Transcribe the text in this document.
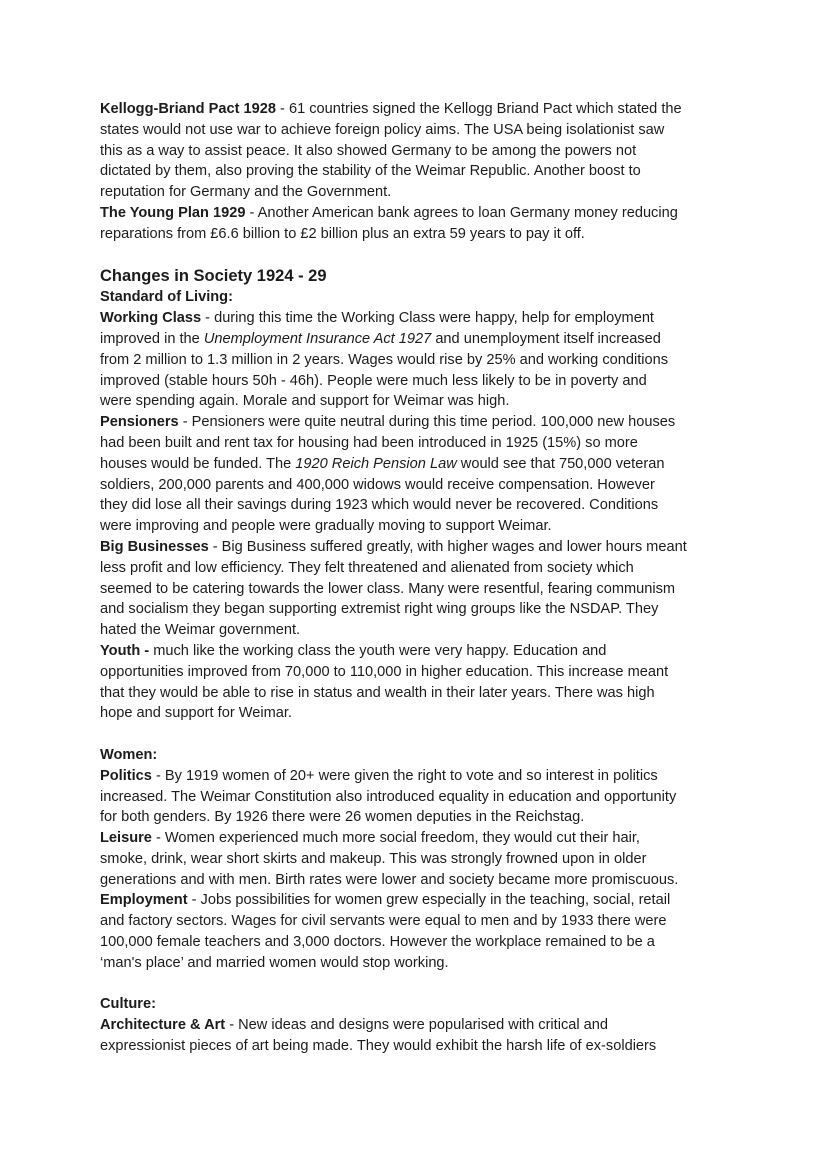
Kellogg-Briand Pact 1928 - 61 countries signed the Kellogg Briand Pact which stated the
states would not use war to achieve foreign policy aims. The USA being isolationist saw
this as a way to assist peace. It also showed Germany to be among the powers not
dictated by them, also proving the stability of the Weimar Republic. Another boost to
reputation for Germany and the Government.
The Young Plan 1929 - Another American bank agrees to loan Germany money reducing
reparations from £6.6 billion to £2 billion plus an extra 59 years to pay it off.
Changes in Society 1924 - 29
Standard of Living:
Working Class - during this time the Working Class were happy, help for employment
improved in the Unemployment Insurance Act 1927 and unemployment itself increased
from 2 million to 1.3 million in 2 years. Wages would rise by 25% and working conditions
improved (stable hours 50h - 46h). People were much less likely to be in poverty and
were spending again. Morale and support for Weimar was high.
Pensioners - Pensioners were quite neutral during this time period. 100,000 new houses
had been built and rent tax for housing had been introduced in 1925 (15%) so more
houses would be funded. The 1920 Reich Pension Law would see that 750,000 veteran
soldiers, 200,000 parents and 400,000 widows would receive compensation. However
they did lose all their savings during 1923 which would never be recovered. Conditions
were improving and people were gradually moving to support Weimar.
Big Businesses - Big Business suffered greatly, with higher wages and lower hours meant
less profit and low efficiency. They felt threatened and alienated from society which
seemed to be catering towards the lower class. Many were resentful, fearing communism
and socialism they began supporting extremist right wing groups like the NSDAP. They
hated the Weimar government.
Youth - much like the working class the youth were very happy. Education and
opportunities improved from 70,000 to 110,000 in higher education. This increase meant
that they would be able to rise in status and wealth in their later years. There was high
hope and support for Weimar.
Women:
Politics - By 1919 women of 20+ were given the right to vote and so interest in politics
increased. The Weimar Constitution also introduced equality in education and opportunity
for both genders. By 1926 there were 26 women deputies in the Reichstag.
Leisure - Women experienced much more social freedom, they would cut their hair,
smoke, drink, wear short skirts and makeup. This was strongly frowned upon in older
generations and with men. Birth rates were lower and society became more promiscuous.
Employment - Jobs possibilities for women grew especially in the teaching, social, retail
and factory sectors. Wages for civil servants were equal to men and by 1933 there were
100,000 female teachers and 3,000 doctors. However the workplace remained to be a
‘man's place’ and married women would stop working.
Culture:
Architecture & Art - New ideas and designs were popularised with critical and
expressionist pieces of art being made. They would exhibit the harsh life of ex-soldiers
